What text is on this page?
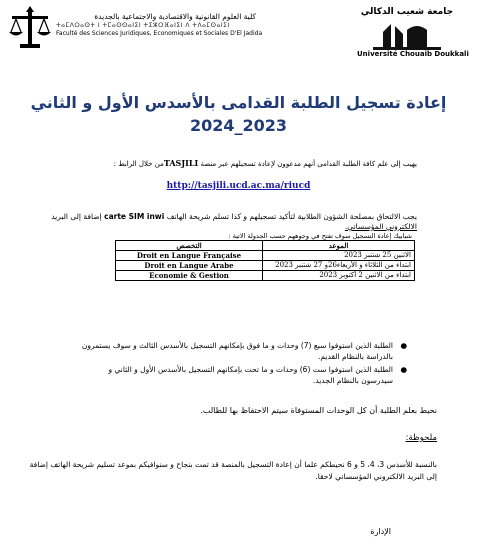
كلية العلوم القانونية والاقتصادية والاجتماعية بالجديدة
ⵜⴰⵎⴷⵔⴰⵙⵜ ⵏ ⵜⵎⴰⵙⵙⴰⵏⵉⵏ ⵜⵉⵣⵔⴼⴰⵏⵉⵏ ⴷ ⵜⴷⴰⵎⵙⴰⵏⵉⵏ
Faculté des Sciences Juridiques, Economiques et Sociales D'El Jadida
جامعة شعيب الدكالي
Université Chouaib Doukkali
إعادة تسجيل الطلبة القدامى بالأسدس الأول و الثاني
2024_2023
يهيب إلى علم كافة الطلبة القدامى أنهم مدعوون لإعادة تسجيلهم عبر منصة TASJILIمن خلال الرابط :
http://tasjili.ucd.ac.ma/riucd
يجب الالتحاق بمصلحة الشؤون الطلابية لتأكيد تسجيلهم و كذا تسلم شريحة الهاتف carte SIM inwi إضافة إلى البريد
الالكتروني المؤسساتي.
شبابيك إعادة التسجيل سوف تفتح في وجوههم حسب الجدولة الاتية :
التخصص	الموعد
Droit en Langue Française	الاثنين 25 شتنبر 2023
Droit en Langue Arabe	ابتداء من الثلاثاء و الأربعاء26و 27 شتنبر 2023
Economie & Gestion	ابتداء من الاثنين 2 أكتوبر 2023
●
الطلبة الذين استوفوا سبع (7) وحدات و ما فوق بإمكانهم التسجيل بالأسدس الثالث و سوف يستمرون بالدراسة بالنظام القديم.
●
الطلبة الذين استوفوا ست (6) وحدات و ما تحت بإمكانهم التسجيل بالأسدس الأول و الثاني و سيدرسون بالنظام الجديد.
نحيط بعلم الطلبة أن كل الوحدات المستوفاة سيتم الاحتفاظ بها للطالب.
ملحوظة:
بالنسبة للأسدس 3، 4، 5 و 6 نحيطكم علما أن إعادة التسجيل بالمنصة قد تمت بنجاح و سنوافيكم بموعد تسليم شريحة الهاتف إضافة إلى البريد الالكتروني المؤسساتي لاحقا.
الإدارة
